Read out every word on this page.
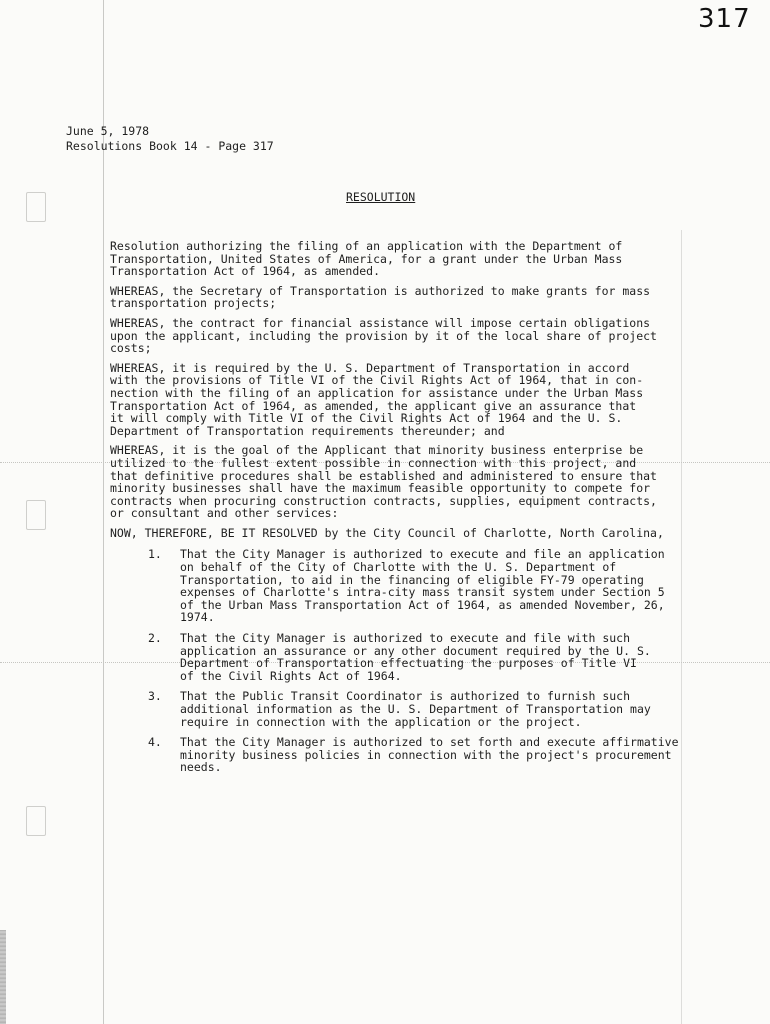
317
June 5, 1978
Resolutions Book 14 - Page 317
RESOLUTION
Resolution authorizing the filing of an application with the Department of
Transportation, United States of America, for a grant under the Urban Mass
Transportation Act of 1964, as amended.
WHEREAS, the Secretary of Transportation is authorized to make grants for mass
transportation projects;
WHEREAS, the contract for financial assistance will impose certain obligations
upon the applicant, including the provision by it of the local share of project
costs;
WHEREAS, it is required by the U. S. Department of Transportation in accord
with the provisions of Title VI of the Civil Rights Act of 1964, that in con-
nection with the filing of an application for assistance under the Urban Mass
Transportation Act of 1964, as amended, the applicant give an assurance that
it will comply with Title VI of the Civil Rights Act of 1964 and the U. S.
Department of Transportation requirements thereunder; and
WHEREAS, it is the goal of the Applicant that minority business enterprise be
utilized to the fullest extent possible in connection with this project, and
that definitive procedures shall be established and administered to ensure that
minority businesses shall have the maximum feasible opportunity to compete for
contracts when procuring construction contracts, supplies, equipment contracts,
or consultant and other services:
NOW, THEREFORE, BE IT RESOLVED by the City Council of Charlotte, North Carolina,
1.	That the City Manager is authorized to execute and file an application
on behalf of the City of Charlotte with the U. S. Department of
Transportation, to aid in the financing of eligible FY-79 operating
expenses of Charlotte's intra-city mass transit system under Section 5
of the Urban Mass Transportation Act of 1964, as amended November, 26,
1974.
2.	That the City Manager is authorized to execute and file with such
application an assurance or any other document required by the U. S.
Department of Transportation effectuating the purposes of Title VI
of the Civil Rights Act of 1964.
3.	That the Public Transit Coordinator is authorized to furnish such
additional information as the U. S. Department of Transportation may
require in connection with the application or the project.
4.	That the City Manager is authorized to set forth and execute affirmative
minority business policies in connection with the project's procurement
needs.
